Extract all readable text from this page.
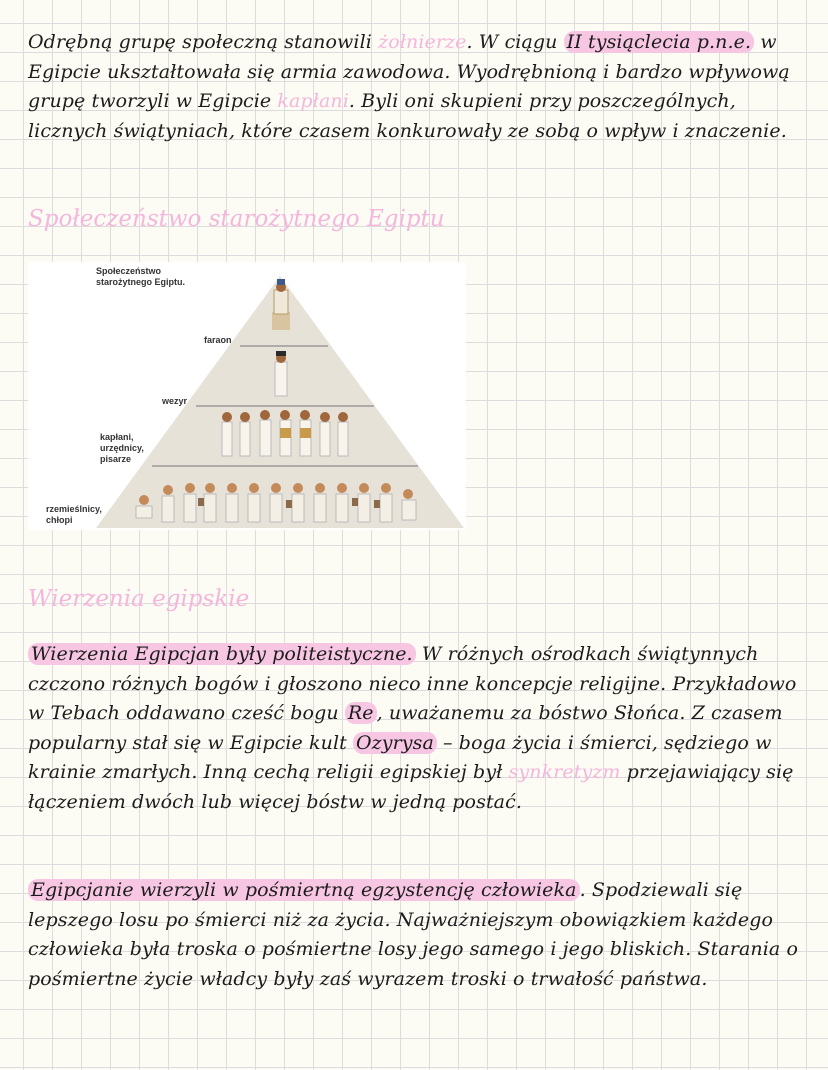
Odrębną grupę społeczną stanowili żołnierze. W ciągu II tysiąclecia p.n.e. w Egipcie ukształtowała się armia zawodowa. Wyodrębnioną i bardzo wpływową grupę tworzyli w Egipcie kapłani. Byli oni skupieni przy poszczególnych, licznych świątyniach, które czasem konkurowały ze sobą o wpływ i znaczenie.
Społeczeństwo starożytnego Egiptu
Społeczeństwo starożytnego Egiptu.
faraon
wezyr
kapłani, urzędnicy, pisarze
rzemieślnicy, chłopi
Wierzenia egipskie
Wierzenia Egipcjan były politeistyczne. W różnych ośrodkach świątynnych czczono różnych bogów i głoszono nieco inne koncepcje religijne. Przykładowo w Tebach oddawano cześć bogu Re , uważanemu za bóstwo Słońca. Z czasem popularny stał się w Egipcie kult Ozyrysa – boga życia i śmierci, sędziego w krainie zmarłych. Inną cechą religii egipskiej był synkretyzm przejawiający się łączeniem dwóch lub więcej bóstw w jedną postać.
Egipcjanie wierzyli w pośmiertną egzystencję człowieka . Spodziewali się lepszego losu po śmierci niż za życia. Najważniejszym obowiązkiem każdego człowieka była troska o pośmiertne losy jego samego i jego bliskich. Starania o pośmiertne życie władcy były zaś wyrazem troski o trwałość państwa.
